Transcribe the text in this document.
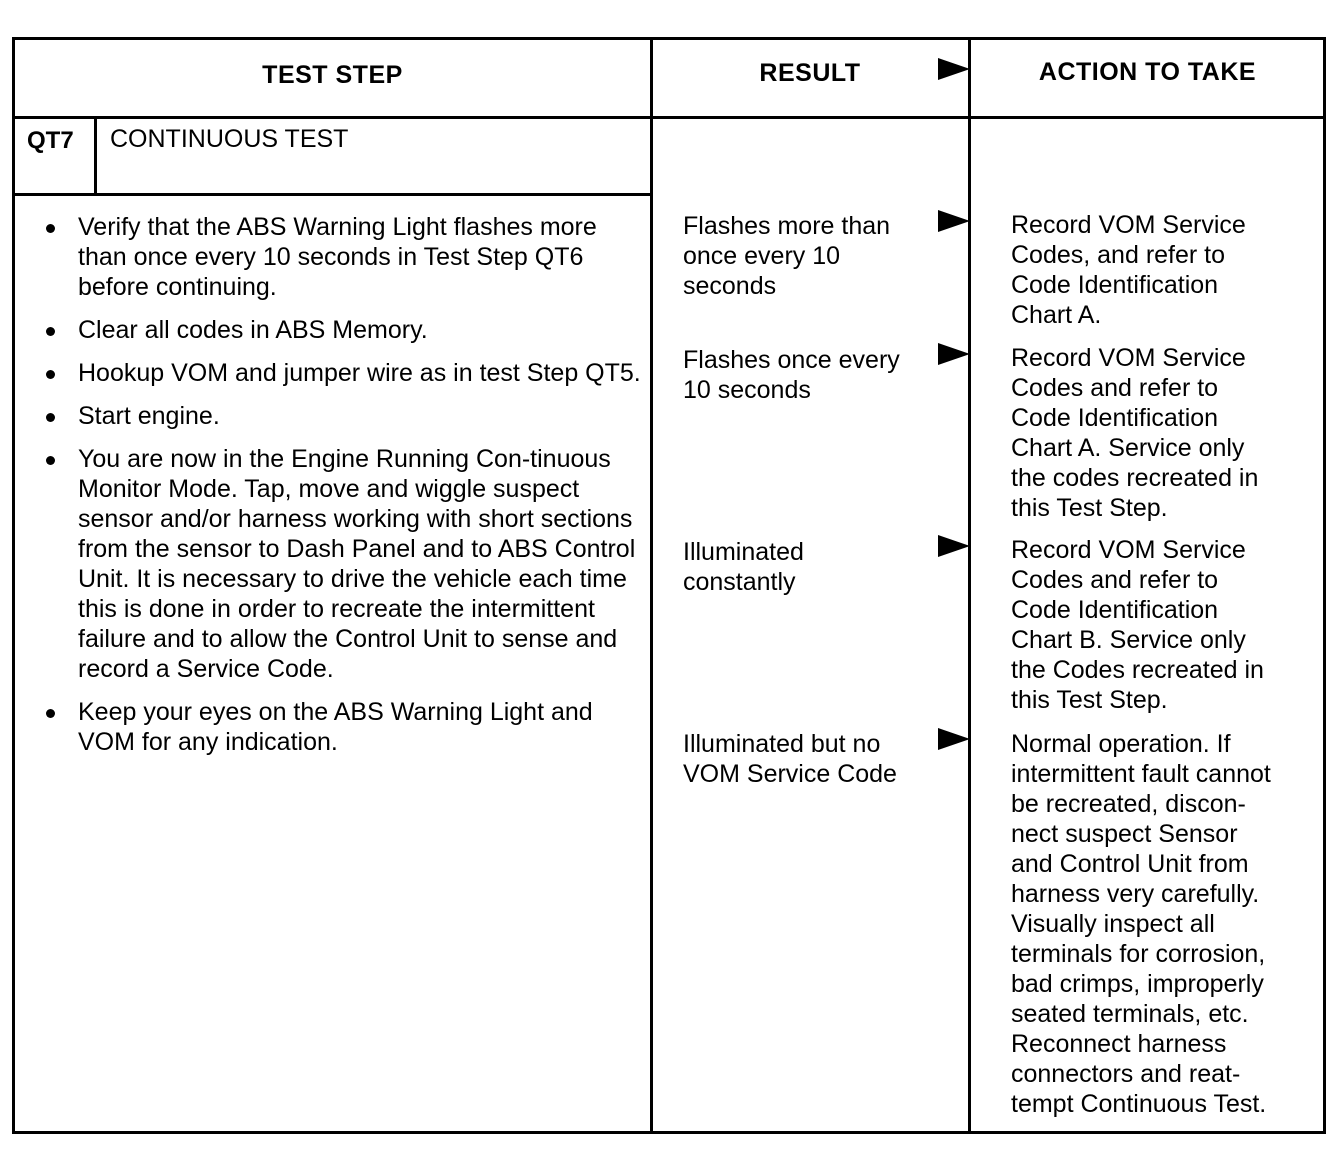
TEST STEP	RESULT	ACTION TO TAKE
QT7 CONTINUOUS TEST
Verify that the ABS Warning Light flashes more than once every 10 seconds in Test Step QT6 before continuing.
Clear all codes in ABS Memory.
Hookup VOM and jumper wire as in test Step QT5.
Start engine.
You are now in the Engine Running Con-tinuous Monitor Mode. Tap, move and wiggle suspect sensor and/or harness working with short sections from the sensor to Dash Panel and to ABS Control Unit. It is necessary to drive the vehicle each time this is done in order to recreate the intermittent failure and to allow the Control Unit to sense and record a Service Code.
Keep your eyes on the ABS Warning Light and VOM for any indication.
Flashes more than
once every 10
seconds
Record VOM Service
Codes, and refer to
Code Identification
Chart A.
Flashes once every
10 seconds
Record VOM Service
Codes and refer to
Code Identification
Chart A. Service only
the codes recreated in
this Test Step.
Illuminated
constantly
Record VOM Service
Codes and refer to
Code Identification
Chart B. Service only
the Codes recreated in
this Test Step.
Illuminated but no
VOM Service Code
Normal operation. If
intermittent fault cannot
be recreated, discon-
nect suspect Sensor
and Control Unit from
harness very carefully.
Visually inspect all
terminals for corrosion,
bad crimps, improperly
seated terminals, etc.
Reconnect harness
connectors and reat-
tempt Continuous Test.
